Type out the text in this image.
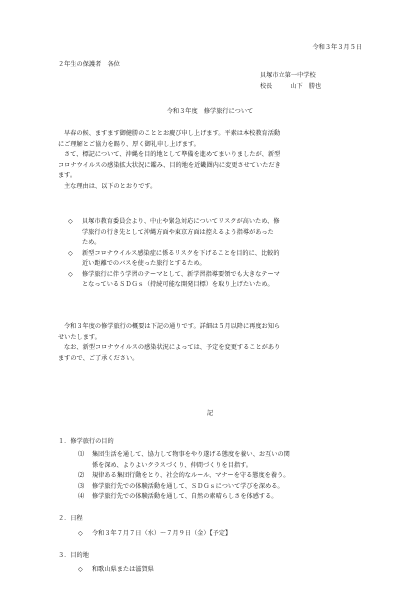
令和３年３月５日
２年生の保護者　各位
貝塚市立第一中学校
校長	山下　勝也
令和３年度　修学旅行について
早春の候、ますます御健勝のこととお慶び申し上げます。平素は本校教育活動
にご理解とご協力を賜り、厚く御礼申し上げます。
さて、標記について、沖縄を目的地として準備を進めてまいりましたが、新型
コロナウイルスの感染拡大状況に鑑み、目的地を近畿圏内に変更させていただき
ます。
主な理由は、以下のとおりです。
◇	貝塚市教育委員会より、中止や緊急対応についてリスクが高いため、修
学旅行の行き先として沖縄方面や東京方面は控えるよう指導があった
ため。
◇	新型コロナウイルス感染症に係るリスクを下げることを目的に、比較的
近い距離でのバスを使った旅行とするため。
◇	修学旅行に伴う学習のテーマとして、新学習指導要領でも大きなテーマ
となっているＳＤＧｓ（持続可能な開発目標）を取り上げたいため。
令和３年度の修学旅行の概要は下記の通りです。詳細は５月以降に再度お知ら
せいたします。
なお、新型コロナウイルスの感染状況によっては、予定を変更することがあり
ますので、ご了承ください。
記
１．修学旅行の目的
⑴	集団生活を通して、協力して物事をやり遂げる態度を養い、お互いの関
係を深め、よりよいクラスづくり、仲間づくりを目指す。
⑵	規律ある集団行動をとり、社会的なルール、マナーを守る態度を養う。
⑶	修学旅行先での体験活動を通して、ＳＤＧｓについて学びを深める。
⑷	修学旅行先での体験活動を通して、自然の素晴らしさを体感する。
２．日程
◇	令和３年７月７日（水）～７月９日（金）【予定】
３．目的地
◇	和歌山県または滋賀県
